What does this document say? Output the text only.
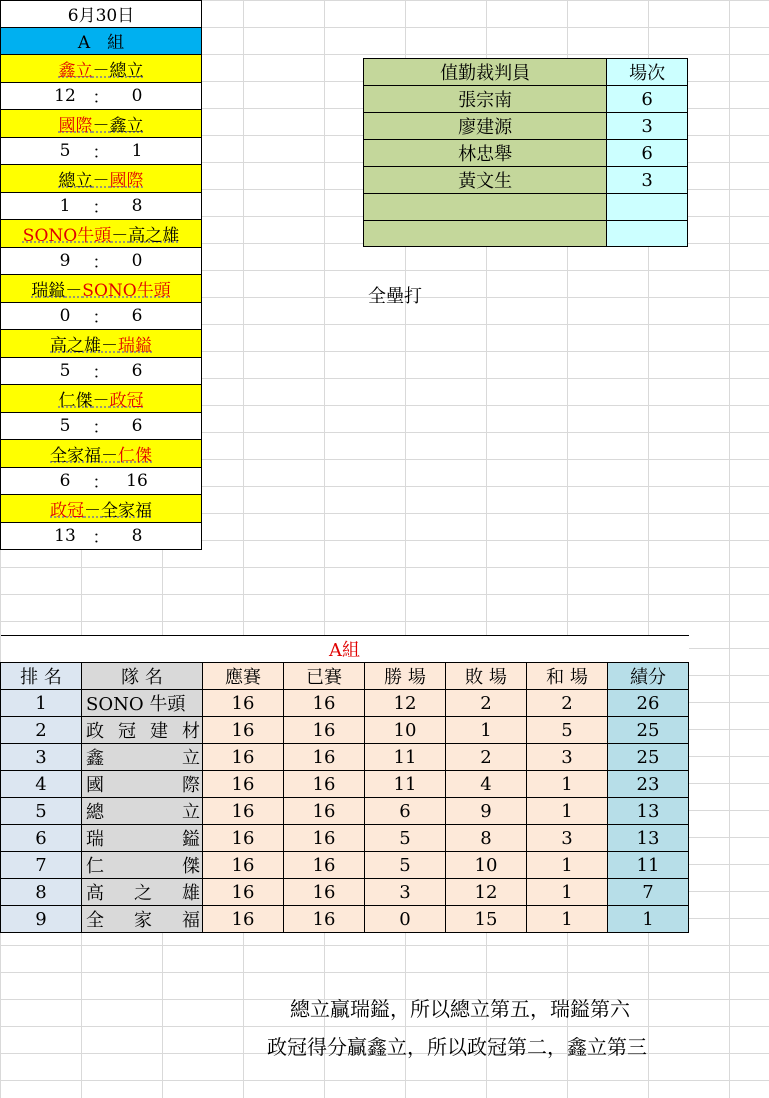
6月30日
A　組
鑫立 － 總立
12 ：	0
國際 － 鑫立
5	：	1
總立 － 國際
1	：	8
SONO牛頭 － 高之雄
9	：	0
瑞鎰 － SONO牛頭
0	：	6
高之雄 － 瑞鎰
5	：	6
仁傑 － 政冠
5	：	6
全家福 － 仁傑
6	： 16
政冠 － 全家福
13 ：	8
值勤裁判員	場次
張宗南	6
廖建源	3
林忠舉	6
黃文生	3

全壘打
A組							
排 名	隊 名	應賽	已賽	勝 場	敗 場	和 場	績分
1	SONO 牛頭	16	16	12	2	2	26
2	政 冠 建 材	16	16	10	1	5	25
3	鑫 立	16	16	11	2	3	25
4	國 際	16	16	11	4	1	23
5	總 立	16	16	6	9	1	13
6	瑞 鎰	16	16	5	8	3	13
7	仁 傑	16	16	5	10	1	11
8	高 之 雄	16	16	3	12	1	7
9	全 家 福	16	16	0	15	1	1
總立贏瑞鎰，所以總立第五，瑞鎰第六
政冠得分贏鑫立，所以政冠第二，鑫立第三
